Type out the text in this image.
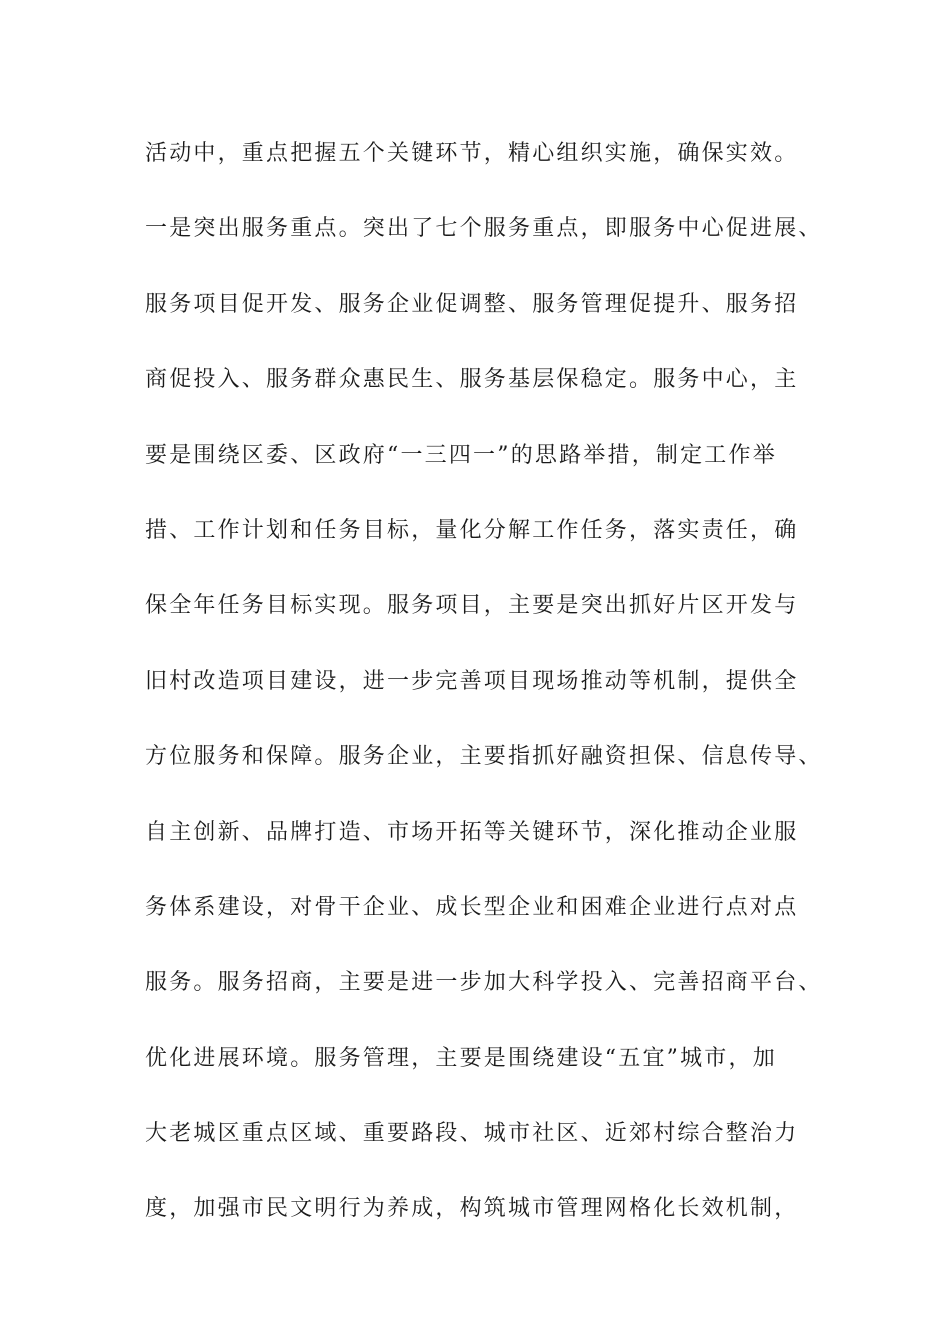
活动中，重点把握五个关键环节，精心组织实施，确保实效。
一是突出服务重点。突出了七个服务重点，即服务中心促进展、
服务项目促开发、服务企业促调整、服务管理促提升、服务招
商促投入、服务群众惠民生、服务基层保稳定。服务中心，主
要是围绕区委、区政府“一三四一”的思路举措，制定工作举
措、工作计划和任务目标，量化分解工作任务，落实责任，确
保全年任务目标实现。服务项目，主要是突出抓好片区开发与
旧村改造项目建设，进一步完善项目现场推动等机制，提供全
方位服务和保障。服务企业，主要指抓好融资担保、信息传导、
自主创新、品牌打造、市场开拓等关键环节，深化推动企业服
务体系建设，对骨干企业、成长型企业和困难企业进行点对点
服务。服务招商，主要是进一步加大科学投入、完善招商平台、
优化进展环境。服务管理，主要是围绕建设“五宜”城市，加
大老城区重点区域、重要路段、城市社区、近郊村综合整治力
度，加强市民文明行为养成，构筑城市管理网格化长效机制，
